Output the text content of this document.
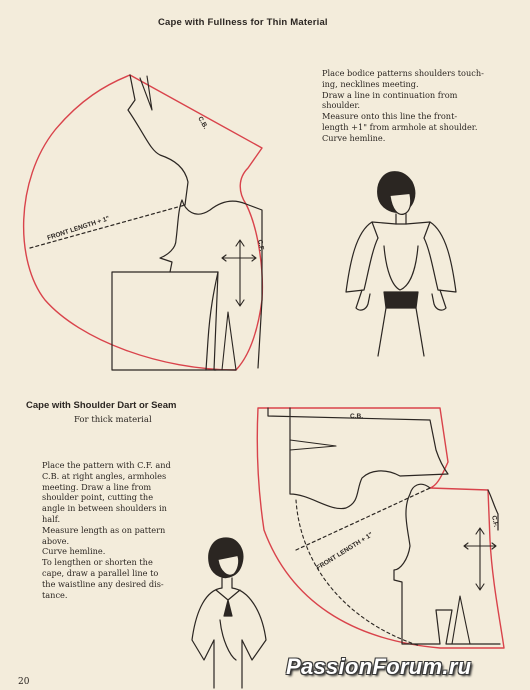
Cape with Fullness for Thin Material
Place bodice patterns shoulders touch-
ing, necklines meeting.
Draw a line in continuation from
shoulder.
Measure onto this line the front-
length +1" from armhole at shoulder.
Curve hemline.
Cape with Shoulder Dart or Seam
For thick material
Place the pattern with C.F. and
C.B. at right angles, armholes
meeting. Draw a line from
shoulder point, cutting the
angle in between shoulders in
half.
Measure length as on pattern
above.
Curve hemline.
To lengthen or shorten the
cape, draw a parallel line to
the waistline any desired dis-
tance.
C.B.
C.F.
FRONT LENGTH + 1"
C.B.
C.F.
FRONT LENGTH + 1"
20
PassionForum.ru
